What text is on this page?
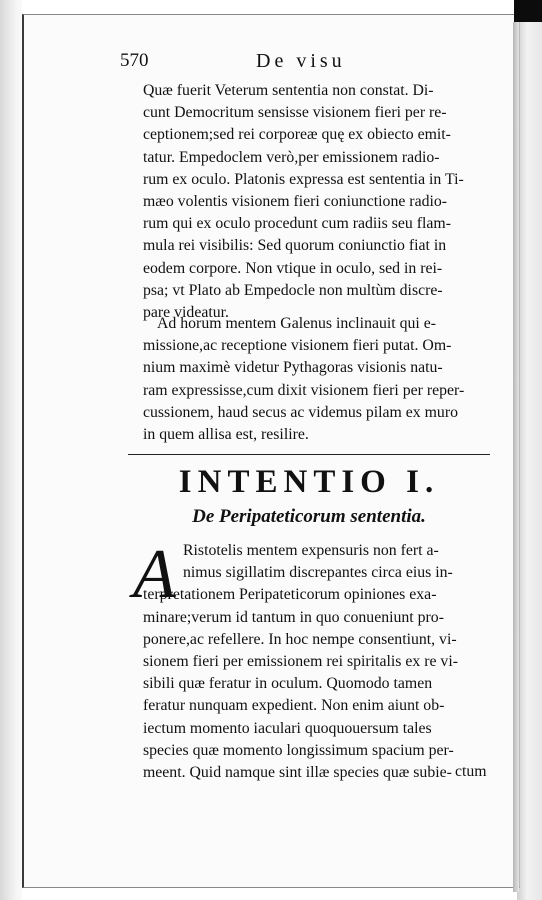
570	De visu
Quæ fuerit Veterum sententia non constat. Di-
cunt Democritum sensisse visionem fieri per re-
ceptionem;sed rei corporeæ quę ex obiecto emit-
tatur. Empedoclem verò,per emissionem radio-
rum ex oculo. Platonis expressa est sententia in Ti-
mæo volentis visionem fieri coniunctione radio-
rum qui ex oculo procedunt cum radiis seu flam-
mula rei visibilis: Sed quorum coniunctio fiat in
eodem corpore. Non vtique in oculo, sed in rei-
psa; vt Plato ab Empedocle non multùm discre-
pare videatur.
Ad horum mentem Galenus inclinauit qui e-
missione,ac receptione visionem fieri putat. Om-
nium maximè videtur Pythagoras visionis natu-
ram expressisse,cum dixit visionem fieri per reper-
cussionem, haud secus ac videmus pilam ex muro
in quem allisa est, resilire.
INTENTIO I.
De Peripateticorum sententia.
A Ristotelis mentem expensuris non fert a-
nimus sigillatim discrepantes circa eius in-
terpretationem Peripateticorum opiniones exa-
minare;verum id tantum in quo conueniunt pro-
ponere,ac refellere. In hoc nempe consentiunt, vi-
sionem fieri per emissionem rei spiritalis ex re vi-
sibili quæ feratur in oculum. Quomodo tamen
feratur nunquam expedient. Non enim aiunt ob-
iectum momento iaculari quoquouersum tales
species quæ momento longissimum spacium per-
meent. Quid namque sint illæ species quæ subie- ctum
